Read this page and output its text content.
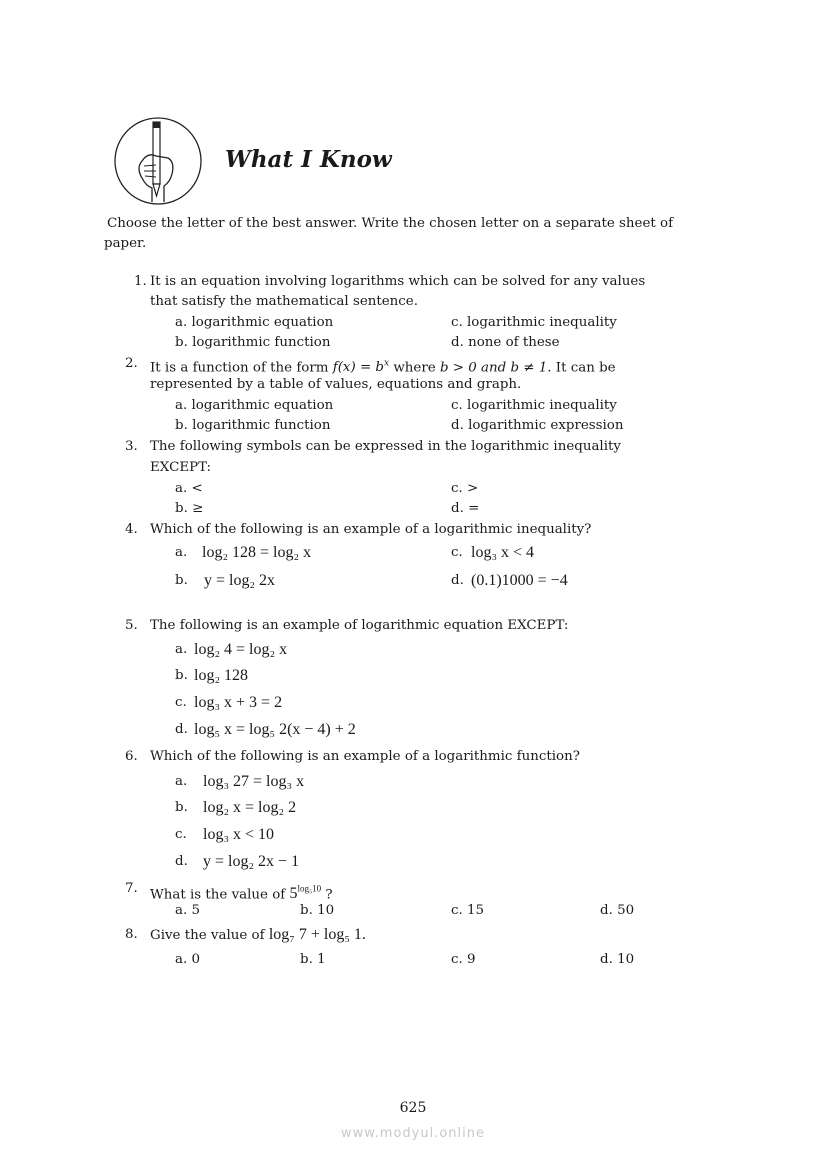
What I Know
Choose the letter of the best answer. Write the chosen letter on a separate sheet of
paper.
1. It is an equation involving logarithms which can be solved for any values
that satisfy the mathematical sentence.
a. logarithmic equation
b. logarithmic function
c. logarithmic inequality
d. none of these
2. It is a function of the form $f(x) = b^x$ where b > 0 and b ≠ 1. It can be
represented by a table of values, equations and graph.
a. logarithmic equation
b. logarithmic function
c. logarithmic inequality
d. logarithmic expression
3. The following symbols can be expressed in the logarithmic inequality
EXCEPT:
a. <
b. ≥
c. >
d. =
4. Which of the following is an example of a logarithmic inequality?
a. log₂ 128 = log₂ x
b. y = log₂ 2x
c. log₃ x < 4
d. (0.1)1000 = −4
5. The following is an example of logarithmic equation EXCEPT:
a. log₂ 4 = log₂ x
b. log₂ 128
c. log₃ x + 3 = 2
d. log₅ x = log₅ 2(x − 4) + 2
6. Which of the following is an example of a logarithmic function?
a. log₃ 27 = log₃ x
b. log₂ x = log₂ 2
c. log₃ x < 10
d. y = log₂ 2x − 1
7. What is the value of $5^{log_510}$ ?
a. 5	b. 10	c. 15	d. 50
8. Give the value of log₇ 7 + log₅ 1.
a. 0	b. 1	c. 9	d. 10
625
www.modyul.online
